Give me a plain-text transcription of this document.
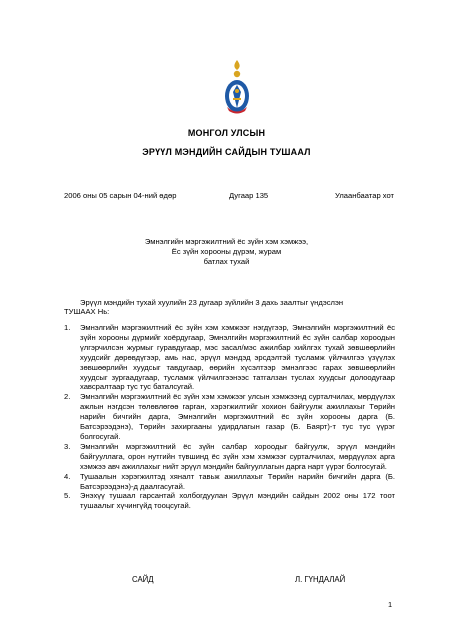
МОНГОЛ УЛСЫН
ЭРҮҮЛ МЭНДИЙН САЙДЫН ТУШААЛ
2006 оны 05 сарын 04-ний өдөр	Дугаар 135	Улаанбаатар хот
Эмнэлгийн мэргэжилтний ёс зүйн хэм хэмжээ,
Ёс зүйн хорооны дүрэм, журам
батлах тухай
Эрүүл мэндийн тухай хуулийн 23 дугаар зүйлийн 3 дахь заалтыг үндэслэн
ТУШААХ Нь:
1. Эмнэлгийн мэргэжилтний ёс зүйн хэм хэмжээг нэгдүгээр, Эмнэлгийн мэргэжилтний ёс зүйн хорооны дүрмийг хоёрдугаар, Эмнэлгийн мэргэжилтний ёс зүйн салбар хороодын үлгэрчилсэн журмыг гуравдугаар, мэс засал/мэс ажилбар хийлгэх тухай зөвшөөрлийн хуудсийг дөрөвдүгээр, амь нас, эрүүл мэндэд эрсдэлтэй тусламж үйлчилгээ үзүүлэх зөвшөөрлийн хуудсыг тавдугаар, өөрийн хүсэлтээр эмнэлгээс гарах зөвшөөрлийн хуудсыг зургаадугаар, тусламж үйлчилгээнээс татгалзан туслах хуудсыг долоодугаар хавсралтаар тус тус баталсугай.
2. Эмнэлгийн мэргэжилтний ёс зүйн хэм хэмжээг улсын хэмжээнд сурталчилах, мөрдүүлэх ажлын нэгдсэн төлөвлөгөө гарган, хэрэгжилтийг хохион байгуулж ажиллахыг Төрийн нарийн бичгийн дарга, Эмнэлгийн мэргэжилтний ёс зүйн хорооны дарга (Б. Батсэрээдэнэ), Төрийн захиргааны удирдлагын газар (Б. Баярт)-т тус тус үүрэг болгосугай.
3. Эмнэлгийн мэргэжилтний ёс зүйн салбар хороодыг байгуулж, эрүүл мэндийн байгууллага, орон нутгийн түвшинд ёс зүйн хэм хэмжээг сурталчилах, мөрдүүлэх арга хэмжээ авч ажиллахыг нийт эрүүл мэндийн байгууллагын дарга нарт үүрэг болгосугай.
4. Тушаалын хэрэгжилтэд хяналт тавьж ажиллахыг Төрийн нарийн бичгийн дарга (Б. Батсэрээдэнэ)-д даалгасугай.
5. Энэхүү тушаал гарсантай холбогдуулан Эрүүл мэндийн сайдын 2002 оны 172 тоот тушаалыг хүчингүйд тооцсугай.
САЙД	Л. ГҮНДАЛАЙ
1
